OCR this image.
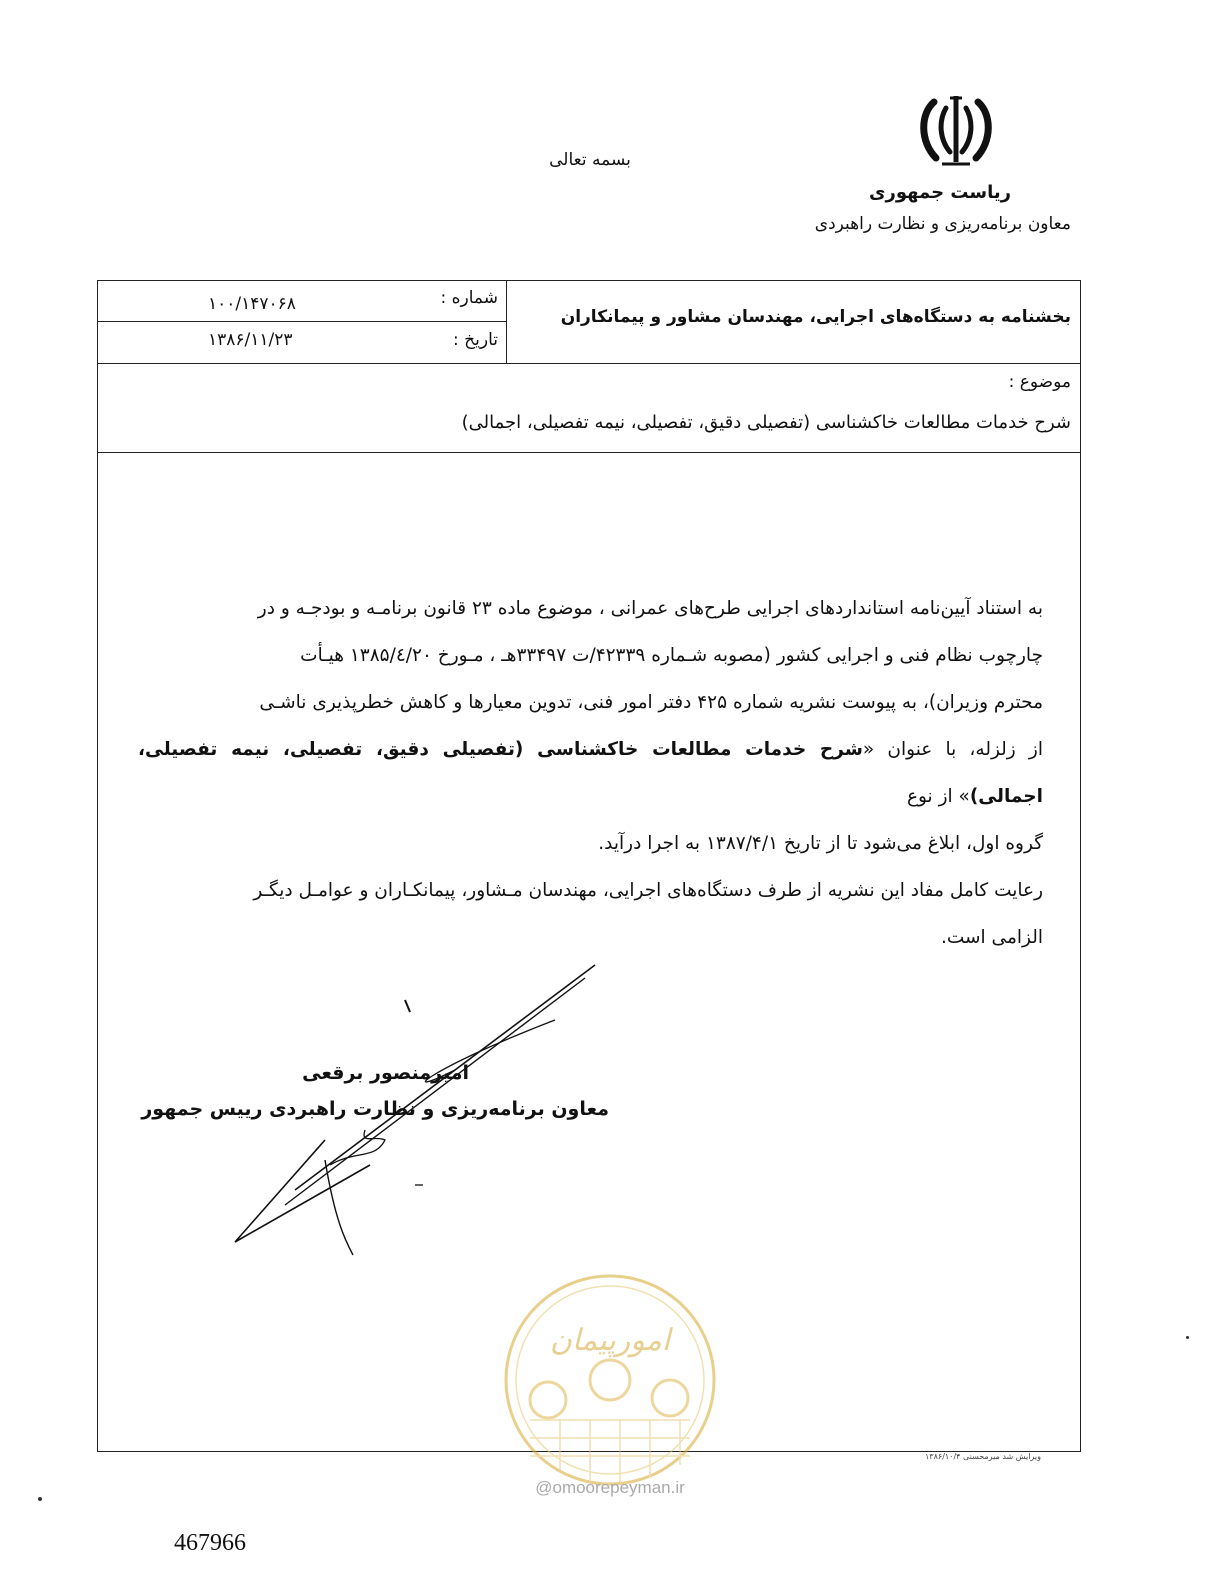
بسمه تعالی
ریاست جمهوری
معاون برنامه‌ریزی و نظارت راهبردی
شماره :
۱۰۰/۱۴۷۰۶۸
تاریخ :
۱۳۸۶/۱۱/۲۳
بخشنامه به دستگاه‌های اجرایی، مهندسان مشاور و پیمانکاران
موضوع :
شرح خدمات مطالعات خاکشناسی (تفصیلی دقیق، تفصیلی، نیمه تفصیلی، اجمالی)
به استناد آیین‌نامه استانداردهای اجرایی طرح‌های عمرانی ، موضوع ماده ۲۳ قانون برنامـه و بودجـه و در
چارچوب نظام فنی و اجرایی کشور (مصوبه شـماره ۴۲۳۳۹/ت ۳۳۴۹۷هـ ، مـورخ ۱۳۸۵/٤/۲۰ هیـأت
محترم وزیران)، به پیوست نشریه شماره ۴۲۵ دفتر امور فنی، تدوین معیارها و کاهش خطرپذیری ناشـی
از زلزله، با عنوان «شرح خدمات مطالعات خاکشناسی (تفصیلی دقیق، تفصیلی، نیمه تفصیلی، اجمالی)» از نوع
گروه اول، ابلاغ می‌شود تا از تاریخ ۱۳۸۷/۴/۱ به اجرا درآید.
رعایت کامل مفاد این نشریه از طرف دستگاه‌های اجرایی، مهندسان مـشاور، پیمانکـاران و عوامـل دیگـر
الزامی است.
امیرمنصور برقعی
معاون برنامه‌ریزی و نظارت راهبردی رییس جمهور
امورپیمان
@omoorepeyman.ir
ویرایش شد میرمحسنی ۱۳۸۶/۱۰/۴
467966
